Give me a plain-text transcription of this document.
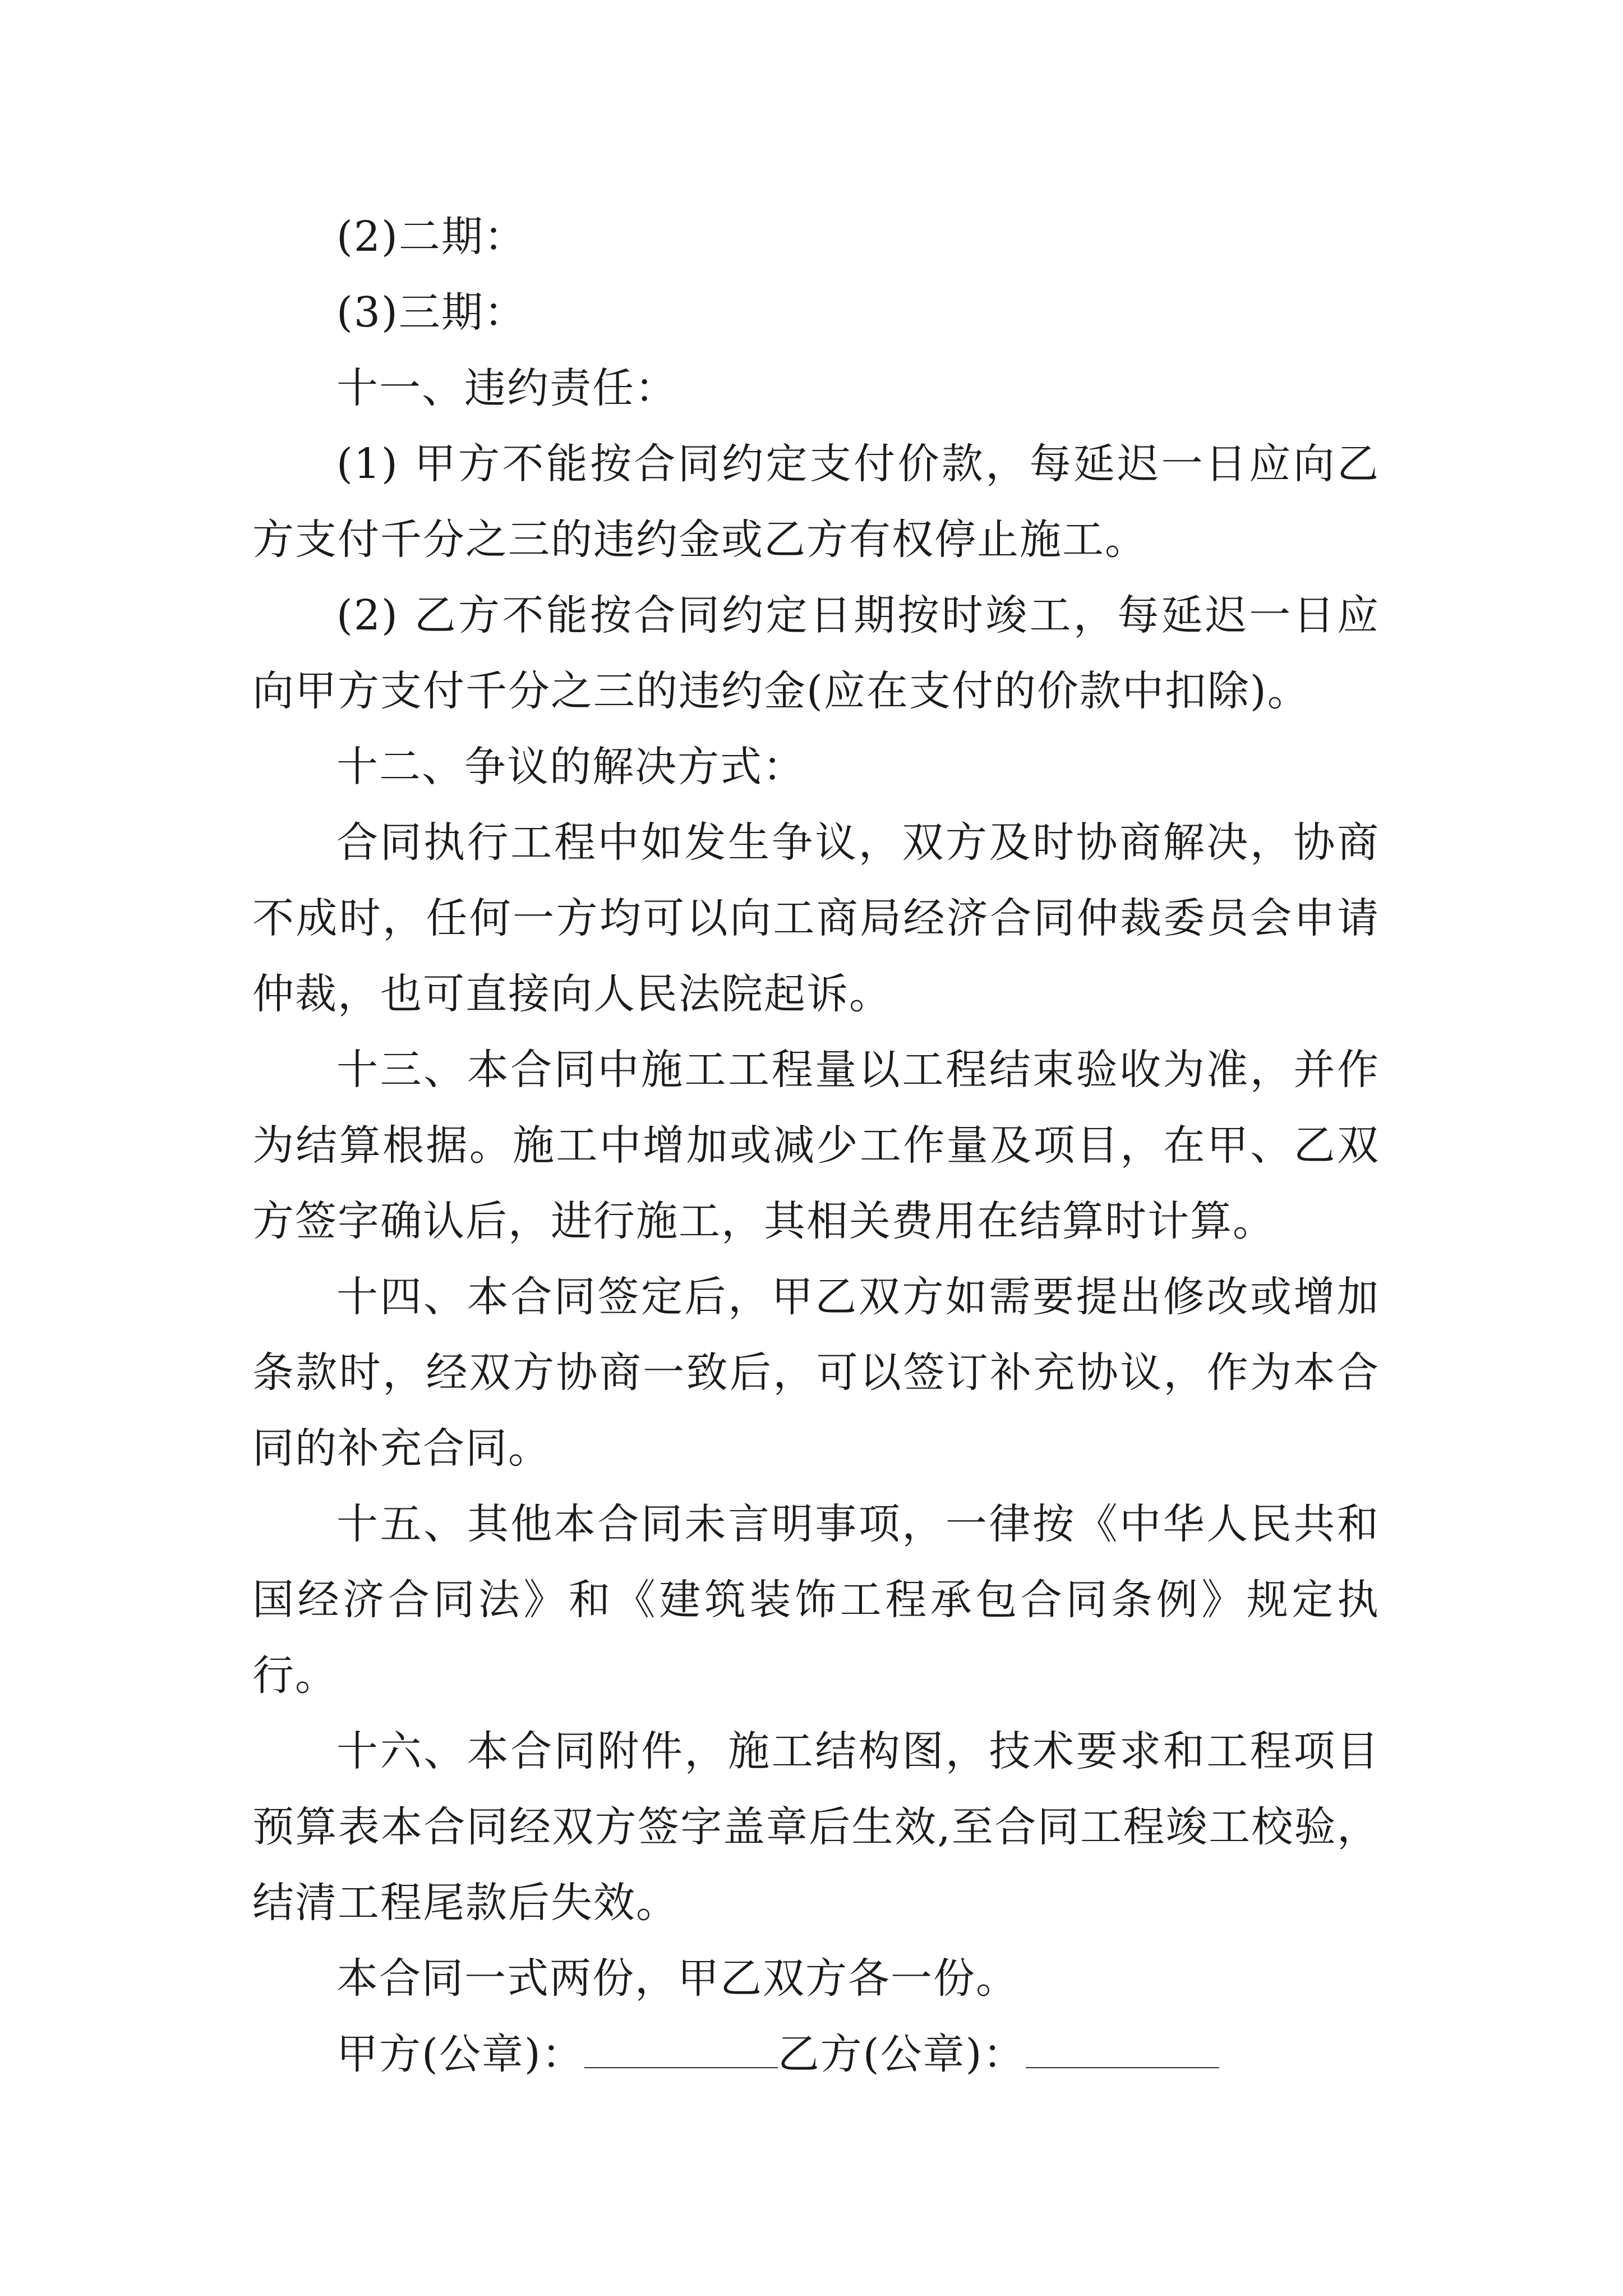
(2)二期：

(3)三期：

十一、违约责任：

(1) 甲方不能按合同约定支付价款，每延迟一日应向乙方支付千分之三的违约金或乙方有权停止施工。

(2) 乙方不能按合同约定日期按时竣工，每延迟一日应向甲方支付千分之三的违约金(应在支付的价款中扣除)。

十二、争议的解决方式：

合同执行工程中如发生争议，双方及时协商解决，协商不成时，任何一方均可以向工商局经济合同仲裁委员会申请仲裁，也可直接向人民法院起诉。

十三、本合同中施工工程量以工程结束验收为准，并作为结算根据。施工中增加或减少工作量及项目，在甲、乙双方签字确认后，进行施工，其相关费用在结算时计算。

十四、本合同签定后，甲乙双方如需要提出修改或增加条款时，经双方协商一致后，可以签订补充协议，作为本合同的补充合同。

十五、其他本合同未言明事项，一律按《中华人民共和国经济合同法》和《建筑装饰工程承包合同条例》规定执行。

十六、本合同附件，施工结构图，技术要求和工程项目预算表本合同经双方签字盖章后生效,至合同工程竣工校验，结清工程尾款后失效。

本合同一式两份，甲乙双方各一份。

甲方(公章)：	乙方(公章)：
